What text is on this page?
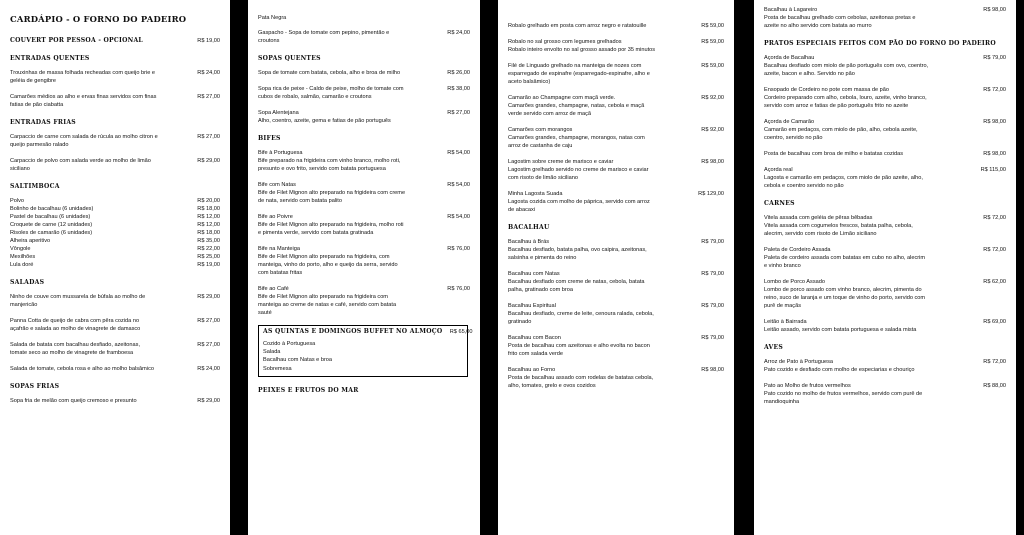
CARDÁPIO - O FORNO DO PADEIRO
COUVERT POR PESSOA - OPCIONAL	R$ 19,00
ENTRADAS QUENTES
Trouxinhas de massa folhada recheadas com queijo brie e geléia de gengibre
R$ 24,00
Camarões médios ao alho e ervas finas servidos com finas fatias de pão ciabatta
R$ 27,00
ENTRADAS FRIAS
Carpaccio de carne com salada de rúcula ao molho citron e queijo parmesão ralado
R$ 27,00
Carpaccio de polvo com salada verde ao molho de limão siciliano
R$ 29,00
SALTIMBOCA
Polvo	R$ 20,00
Bolinho de bacalhau (6 unidades)	R$ 18,00
Pastel de bacalhau (6 unidades)	R$ 12,00
Croquete de carne (12 unidades)	R$ 12,00
Risoles de camarão (6 unidades)	R$ 18,00
Alheira aperitivo	R$ 35,00
Vôngole	R$ 22,00
Mexilhões	R$ 25,00
Lula doré	R$ 19,00
SALADAS
Ninho de couve com mussarela de búfala ao molho de manjericão
R$ 29,00
Panna Cotta de queijo de cabra com pêra cozida no açafrão e salada ao molho de vinagrete de damasco
R$ 27,00
Salada de batata com bacalhau desfiado, azeitonas, tomate seco ao molho de vinagrete de framboesa
R$ 27,00
Salada de tomate, cebola rosa e alho ao molho balsâmico	R$ 24,00
SOPAS FRIAS
Sopa fria de melão com queijo cremoso e presunto	R$ 29,00
Pata Negra
Gaspacho - Sopa de tomate com pepino, pimentão e croutons
R$ 24,00
SOPAS QUENTES
Sopa de tomate com batata, cebola, alho e broa de milho	R$ 26,00
Sopa rica de peixe - Caldo de peixe, molho de tomate com cubos de robalo, salmão, camarão e croutons
R$ 38,00
Sopa Alentejana
Alho, coentro, azeite, gema e fatias de pão português
R$ 27,00
BIFES
Bife à Portuguesa
Bife preparado na frigideira com vinho branco, molho roti, presunto e ovo frito, servido com batata portuguesa
R$ 54,00
Bife com Natas
Bife de Filet Mignon alto preparado na frigideira com creme de nata, servido com batata palito
R$ 54,00
Bife ao Poivre
Bife de Filet Mignon alto preparado na frigideira, molho roti e pimenta verde, servido com batata gratinada
R$ 54,00
Bife na Manteiga
Bife de Filet Mignon alto preparado na frigideira, com manteiga, vinho do porto, alho e queijo da serra, servido com batatas fritas
R$ 76,00
Bife ao Café
Bife de Filet Mignon alto preparado na frigideira com manteiga ao creme de natas e café, servido com batata sauté
R$ 76,00
AS QUINTAS E DOMINGOS BUFFET NO ALMOÇO	R$ 65,00
Cozido à Portuguesa
Salada
Bacalhau com Natas e broa
Sobremesa
PEIXES E FRUTOS DO MAR
Robalo grelhado em posta com arroz negro e ratatouille	R$ 59,00
Robalo no sal grosso com legumes grelhados
Robalo inteiro envolto no sal grosso assado por 35 minutos
R$ 59,00
Filé de Linguado grelhado na manteiga de nozes com esparregado de espinafre (esparregado-espinafre, alho e aceto balsâmico)
R$ 59,00
Camarão ao Champagne com maçã verde.
Camarões grandes, champagne, natas, cebola e maçã verde servido com arroz de maçã
R$ 92,00
Camarões com morangos
Camarões grandes, champagne, morangos, natas com arroz de castanha de caju
R$ 92,00
Lagostim sobre creme de marisco e caviar
Lagostim grelhado servido no creme de marisco e caviar com risoto de limão siciliano
R$ 98,00
Minha Lagosta Suada
Lagosta cozida com molho de páprica, servido com arroz de abacaxi
R$ 129,00
BACALHAU
Bacalhau à Brás
Bacalhau desfiado, batata palha, ovo caipira, azeitonas, salsinha e pimenta do reino
R$ 79,00
Bacalhau com Natas
Bacalhau desfiado com creme de natas, cebola, batata palha, gratinado com broa
R$ 79,00
Bacalhau Espiritual
Bacalhau desfiado, creme de leite, cenoura ralada, cebola, gratinado
R$ 79,00
Bacalhau com Bacon
Posta de bacalhau com azeitonas e alho evolta no bacon frito com salada verde
R$ 79,00
Bacalhau ao Forno
Posta de bacalhau assado com rodelas de batatas cebola, alho, tomates, grelo e ovos cozidos
R$ 98,00
Bacalhau à Lagareiro
Posta de bacalhau grelhado com cebolas, azeitonas pretas e azeite no alho servido com batata ao murro
R$ 98,00
PRATOS ESPECIAIS FEITOS COM PÃO DO FORNO DO PADEIRO
Açorda de Bacalhau
Bacalhau desfiado com miolo de pão português com ovo, coentro, azeite, bacon e alho. Servido no pão
R$ 79,00
Ensopado de Cordeiro no pote com massa de pão
Cordeiro preparado com alho, cebola, louro, azeite, vinho branco, servido com arroz e fatias de pão português frito no azeite
R$ 72,00
Açorda de Camarão
Camarão em pedaços, com miolo de pão, alho, cebola azeite, coentro, servido no pão
R$ 98,00
Posta de bacalhau com broa de milho e batatas cozidas	R$ 98,00
Açorda real
Lagosta e camarão em pedaços, com miolo de pão azeite, alho, cebola e coentro servido no pão
R$ 115,00
CARNES
Vitela assada com geléia de pêras bêbadas
Vitela assada com cogumelos frescos, batata palha, cebola, alecrim, servido com risoto de Limão siciliano
R$ 72,00
Paleta de Cordeiro Assada
Paleta de cordeiro assada com batatas em cubo no alho, alecrim e vinho branco
R$ 72,00
Lombo de Porco Assado
Lombo de porco assado com vinho branco, alecrim, pimenta do reino, suco de laranja e um toque de vinho do porto, servido com purê de maçãs
R$ 62,00
Leitão à Bairrada
Leitão assado, servido com batata portuguesa e salada mista
R$ 69,00
AVES
Arroz de Pato à Portuguesa
Pato cozido e desfiado com molho de especiarias e chouriço
R$ 72,00
Pato ao Molho de frutos vermelhos
Pato cozido no molho de frutos vermelhos, servido com purê de mandioquinha
R$ 88,00
